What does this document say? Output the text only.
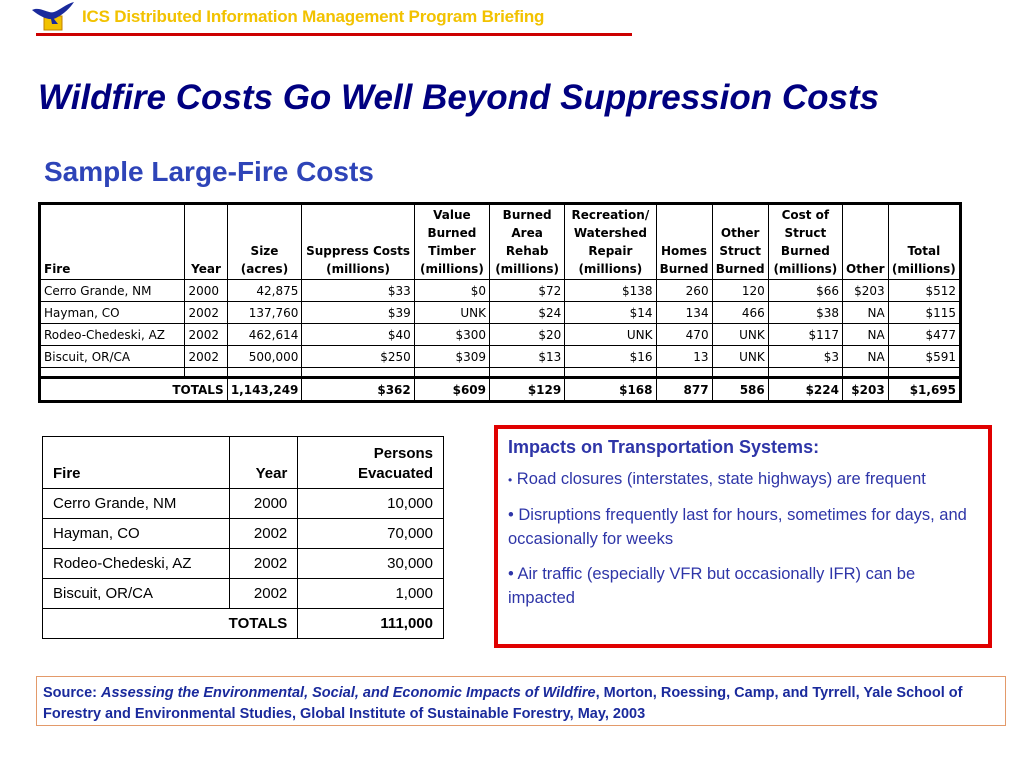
ICS Distributed Information Management Program Briefing
Wildfire Costs Go Well Beyond Suppression Costs
Sample Large-Fire Costs
Fire	Year	Size (acres)	Suppress Costs (millions)	Value Burned Timber (millions)	Burned Area Rehab (millions)	Recreation/ Watershed Repair (millions)	Homes Burned	Other Struct Burned	Cost of Struct Burned (millions)	Other	Total (millions)
Cerro Grande, NM	2000	42,875	$33	$0	$72	$138	260	120	$66	$203	$512
Hayman, CO	2002	137,760	$39	UNK	$24	$14	134	466	$38	NA	$115
Rodeo-Chedeski, AZ	2002	462,614	$40	$300	$20	UNK	470	UNK	$117	NA	$477
Biscuit, OR/CA	2002	500,000	$250	$309	$13	$16	13	UNK	$3	NA	$591

TOTALS		1,143,249	$362	$609	$129	$168	877	586	$224	$203	$1,695
Fire	Year	Persons Evacuated
Cerro Grande, NM	2000	10,000
Hayman, CO	2002	70,000
Rodeo-Chedeski, AZ	2002	30,000
Biscuit, OR/CA	2002	1,000
TOTALS		111,000
Impacts on Transportation Systems:
• Road closures (interstates, state highways) are frequent
• Disruptions frequently last for hours, sometimes for days, and occasionally for weeks
• Air traffic (especially VFR but occasionally IFR) can be impacted
Source: Assessing the Environmental, Social, and Economic Impacts of Wildfire, Morton, Roessing, Camp, and Tyrrell, Yale School of Forestry and Environmental Studies, Global Institute of Sustainable Forestry, May, 2003
